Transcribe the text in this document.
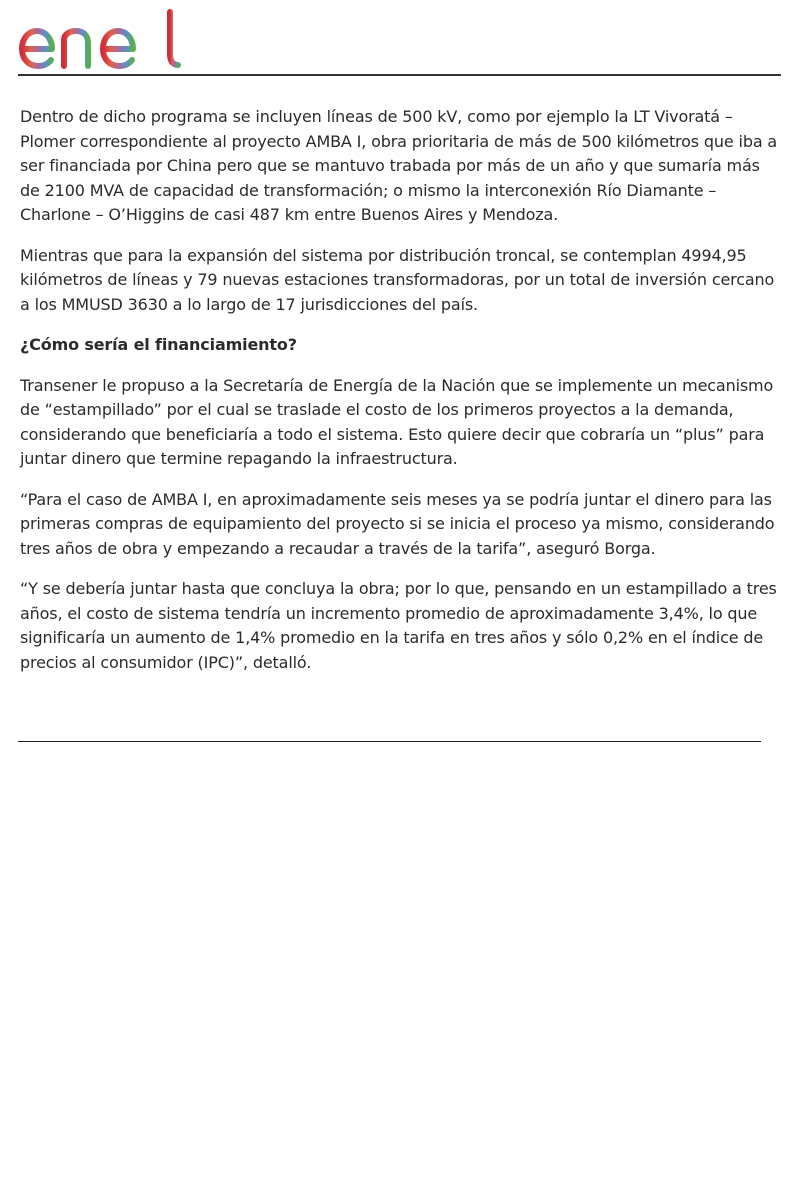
Dentro de dicho programa se incluyen líneas de 500 kV, como por ejemplo la LT Vivoratá – Plomer correspondiente al proyecto AMBA I, obra prioritaria de más de 500 kilómetros que iba a ser financiada por China pero que se mantuvo trabada por más de un año y que sumaría más de 2100 MVA de capacidad de transformación; o mismo la interconexión Río Diamante – Charlone – O’Higgins de casi 487 km entre Buenos Aires y Mendoza.

Mientras que para la expansión del sistema por distribución troncal, se contemplan 4994,95 kilómetros de líneas y 79 nuevas estaciones transformadoras, por un total de inversión cercano a los MMUSD 3630 a lo largo de 17 jurisdicciones del país.

¿Cómo sería el financiamiento?

Transener le propuso a la Secretaría de Energía de la Nación que se implemente un mecanismo de “estampillado” por el cual se traslade el costo de los primeros proyectos a la demanda, considerando que beneficiaría a todo el sistema. Esto quiere decir que cobraría un “plus” para juntar dinero que termine repagando la infraestructura.

“Para el caso de AMBA I, en aproximadamente seis meses ya se podría juntar el dinero para las primeras compras de equipamiento del proyecto si se inicia el proceso ya mismo, considerando tres años de obra y empezando a recaudar a través de la tarifa”, aseguró Borga.

“Y se debería juntar hasta que concluya la obra; por lo que, pensando en un estampillado a tres años, el costo de sistema tendría un incremento promedio de aproximadamente 3,4%, lo que significaría un aumento de 1,4% promedio en la tarifa en tres años y sólo 0,2% en el índice de precios al consumidor (IPC)”, detalló.
